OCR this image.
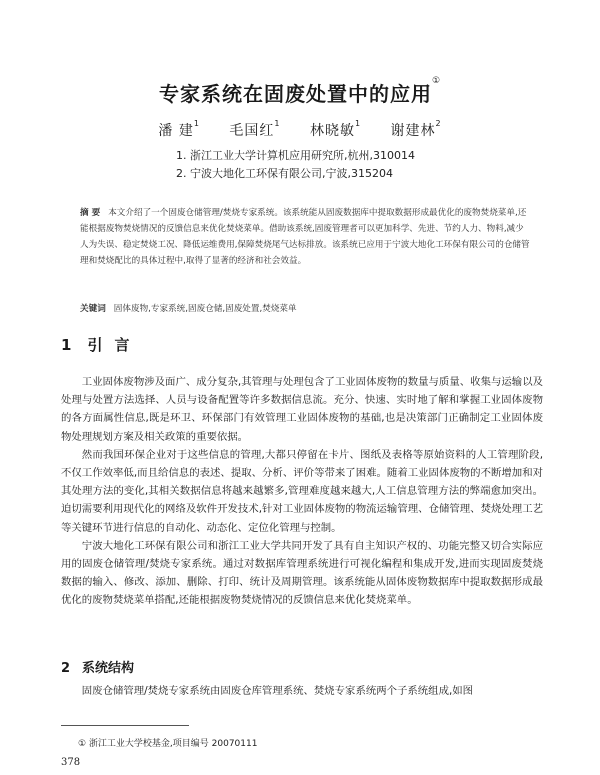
专家系统在固废处置中的应用①
潘 建$^1$ 毛国红$^1$ 林晓敏$^1$ 谢建林$^2$
1. 浙江工业大学计算机应用研究所,杭州,310014
2. 宁波大地化工环保有限公司,宁波,315204
摘 要 本文介绍了一个固废仓储管理/焚烧专家系统。该系统能从固废数据库中提取数据形成最优化的废物焚烧菜单,还能根据废物焚烧情况的反馈信息来优化焚烧菜单。借助该系统,固废管理者可以更加科学、先进、节约人力、物料,减少人为失误、稳定焚烧工况、降低运维费用,保障焚烧尾气达标排放。该系统已应用于宁波大地化工环保有限公司的仓储管理和焚烧配比的具体过程中,取得了显著的经济和社会效益。
关键词 固体废物,专家系统,固废仓储,固废处置,焚烧菜单
1 引言

工业固体废物涉及面广、成分复杂,其管理与处理包含了工业固体废物的数量与质量、收集与运输以及处理与处置方法选择、人员与设备配置等许多数据信息流。充分、快速、实时地了解和掌握工业固体废物的各方面属性信息,既是环卫、环保部门有效管理工业固体废物的基础,也是决策部门正确制定工业固体废物处理规划方案及相关政策的重要依据。

然而我国环保企业对于这些信息的管理,大都只停留在卡片、图纸及表格等原始资料的人工管理阶段,不仅工作效率低,而且给信息的表述、提取、分析、评价等带来了困难。随着工业固体废物的不断增加和对其处理方法的变化,其相关数据信息将越来越繁多,管理难度越来越大,人工信息管理方法的弊端愈加突出。迫切需要利用现代化的网络及软件开发技术,针对工业固体废物的物流运输管理、仓储管理、焚烧处理工艺等关键环节进行信息的自动化、动态化、定位化管理与控制。

宁波大地化工环保有限公司和浙江工业大学共同开发了具有自主知识产权的、功能完整又切合实际应用的固废仓储管理/焚烧专家系统。通过对数据库管理系统进行可视化编程和集成开发,进而实现固废焚烧数据的输入、修改、添加、删除、打印、统计及周期管理。该系统能从固体废物数据库中提取数据形成最优化的废物焚烧菜单搭配,还能根据废物焚烧情况的反馈信息来优化焚烧菜单。

2 系统结构

固废仓储管理/焚烧专家系统由固废仓库管理系统、焚烧专家系统两个子系统组成,如图

① 浙江工业大学校基金,项目编号 20070111
378
